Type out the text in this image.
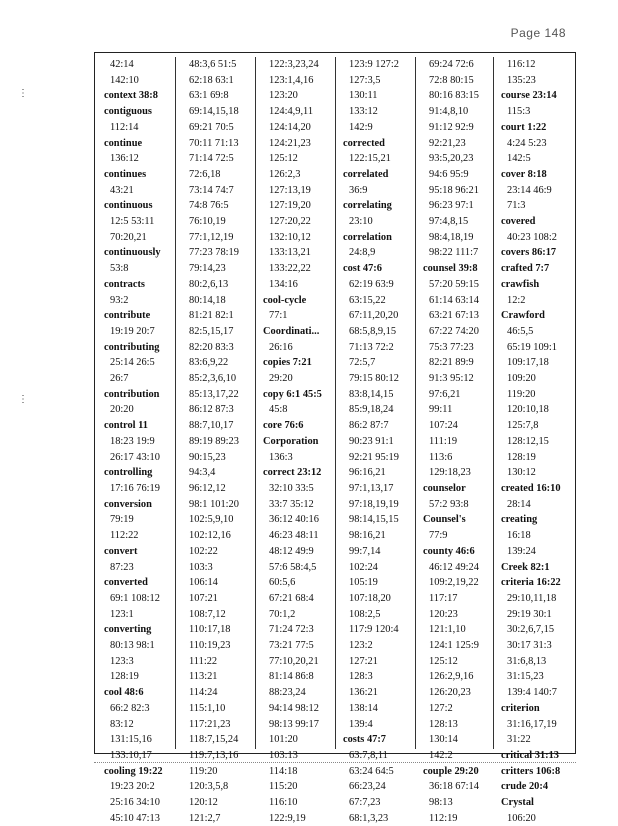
Page 148
42:14
142:10
context 38:8
contiguous
112:14
continue
136:12
continues
43:21
continuous
12:5 53:11
70:20,21
continuously
53:8
contracts
93:2
contribute
19:19 20:7
contributing
25:14 26:5
26:7
contribution
20:20
control 11
18:23 19:9
26:17 43:10
controlling
17:16 76:19
conversion
79:19
112:22
convert
87:23
converted
69:1 108:12
123:1
converting
80:13 98:1
123:3
128:19
cool 48:6
66:2 82:3
83:12
131:15,16
133:10,17
cooling 19:22
19:23 20:2
25:16 34:10
45:10 47:13
48:3,6 51:5
62:18 63:1
63:1 69:8
69:14,15,18
69:21 70:5
70:11 71:13
71:14 72:5
72:6,18
73:14 74:7
74:8 76:5
76:10,19
77:1,12,19
77:23 78:19
79:14,23
80:2,6,13
80:14,18
81:21 82:1
82:5,15,17
82:20 83:3
83:6,9,22
85:2,3,6,10
85:13,17,22
86:12 87:3
88:7,10,17
89:19 89:23
90:15,23
94:3,4
96:12,12
98:1 101:20
102:5,9,10
102:12,16
102:22
103:3
106:14
107:21
108:7,12
110:17,18
110:19,23
111:22
113:21
114:24
115:1,10
117:21,23
118:7,15,24
119:7,13,16
119:20
120:3,5,8
120:12
121:2,7
122:3,23,24
123:1,4,16
123:20
124:4,9,11
124:14,20
124:21,23
125:12
126:2,3
127:13,19
127:19,20
127:20,22
132:10,12
133:13,21
133:22,22
134:16
cool-cycle
77:1
Coordinati...
26:16
copies 7:21
29:20
copy 6:1 45:5
45:8
core 76:6
Corporation
136:3
correct 23:12
32:10 33:5
33:7 35:12
36:12 40:16
46:23 48:11
48:12 49:9
57:6 58:4,5
60:5,6
67:21 68:4
70:1,2
71:24 72:3
73:21 77:5
77:10,20,21
81:14 86:8
88:23,24
94:14 98:12
98:13 99:17
101:20
103:13
114:18
115:20
116:10
122:9,19
123:9 127:2
127:3,5
130:11
133:12
142:9
corrected
122:15,21
correlated
36:9
correlating
23:10
correlation
24:8,9
cost 47:6
62:19 63:9
63:15,22
67:11,20,20
68:5,8,9,15
71:13 72:2
72:5,7
79:15 80:12
83:8,14,15
85:9,18,24
86:2 87:7
90:23 91:1
92:21 95:19
96:16,21
97:1,13,17
97:18,19,19
98:14,15,15
98:16,21
99:7,14
102:24
105:19
107:18,20
108:2,5
117:9 120:4
123:2
127:21
128:3
136:21
138:14
139:4
costs 47:7
63:7,8,11
63:24 64:5
66:23,24
67:7,23
68:1,3,23
69:24 72:6
72:8 80:15
80:16 83:15
91:4,8,10
91:12 92:9
92:21,23
93:5,20,23
94:6 95:9
95:18 96:21
96:23 97:1
97:4,8,15
98:4,18,19
98:22 111:7
counsel 39:8
57:20 59:15
61:14 63:14
63:21 67:13
67:22 74:20
75:3 77:23
82:21 89:9
91:3 95:12
97:6,21
99:11
107:24
111:19
113:6
129:18,23
counselor
57:2 93:8
Counsel's
77:9
county 46:6
46:12 49:24
109:2,19,22
117:17
120:23
121:1,10
124:1 125:9
125:12
126:2,9,16
126:20,23
127:2
128:13
130:14
142:2
couple 29:20
36:18 67:14
98:13
112:19
116:12
135:23
course 23:14
115:3
court 1:22
4:24 5:23
142:5
cover 8:18
23:14 46:9
71:3
covered
40:23 108:2
covers 86:17
crafted 7:7
crawfish
12:2
Crawford
46:5,5
65:19 109:1
109:17,18
109:20
119:20
120:10,18
125:7,8
128:12,15
128:19
130:12
created 16:10
28:14
creating
16:18
139:24
Creek 82:1
criteria 16:22
29:10,11,18
29:19 30:1
30:2,6,7,15
30:17 31:3
31:6,8,13
31:15,23
139:4 140:7
criterion
31:16,17,19
31:22
critical 31:13
critters 106:8
crude 20:4
Crystal
106:20
⋮
⋮
